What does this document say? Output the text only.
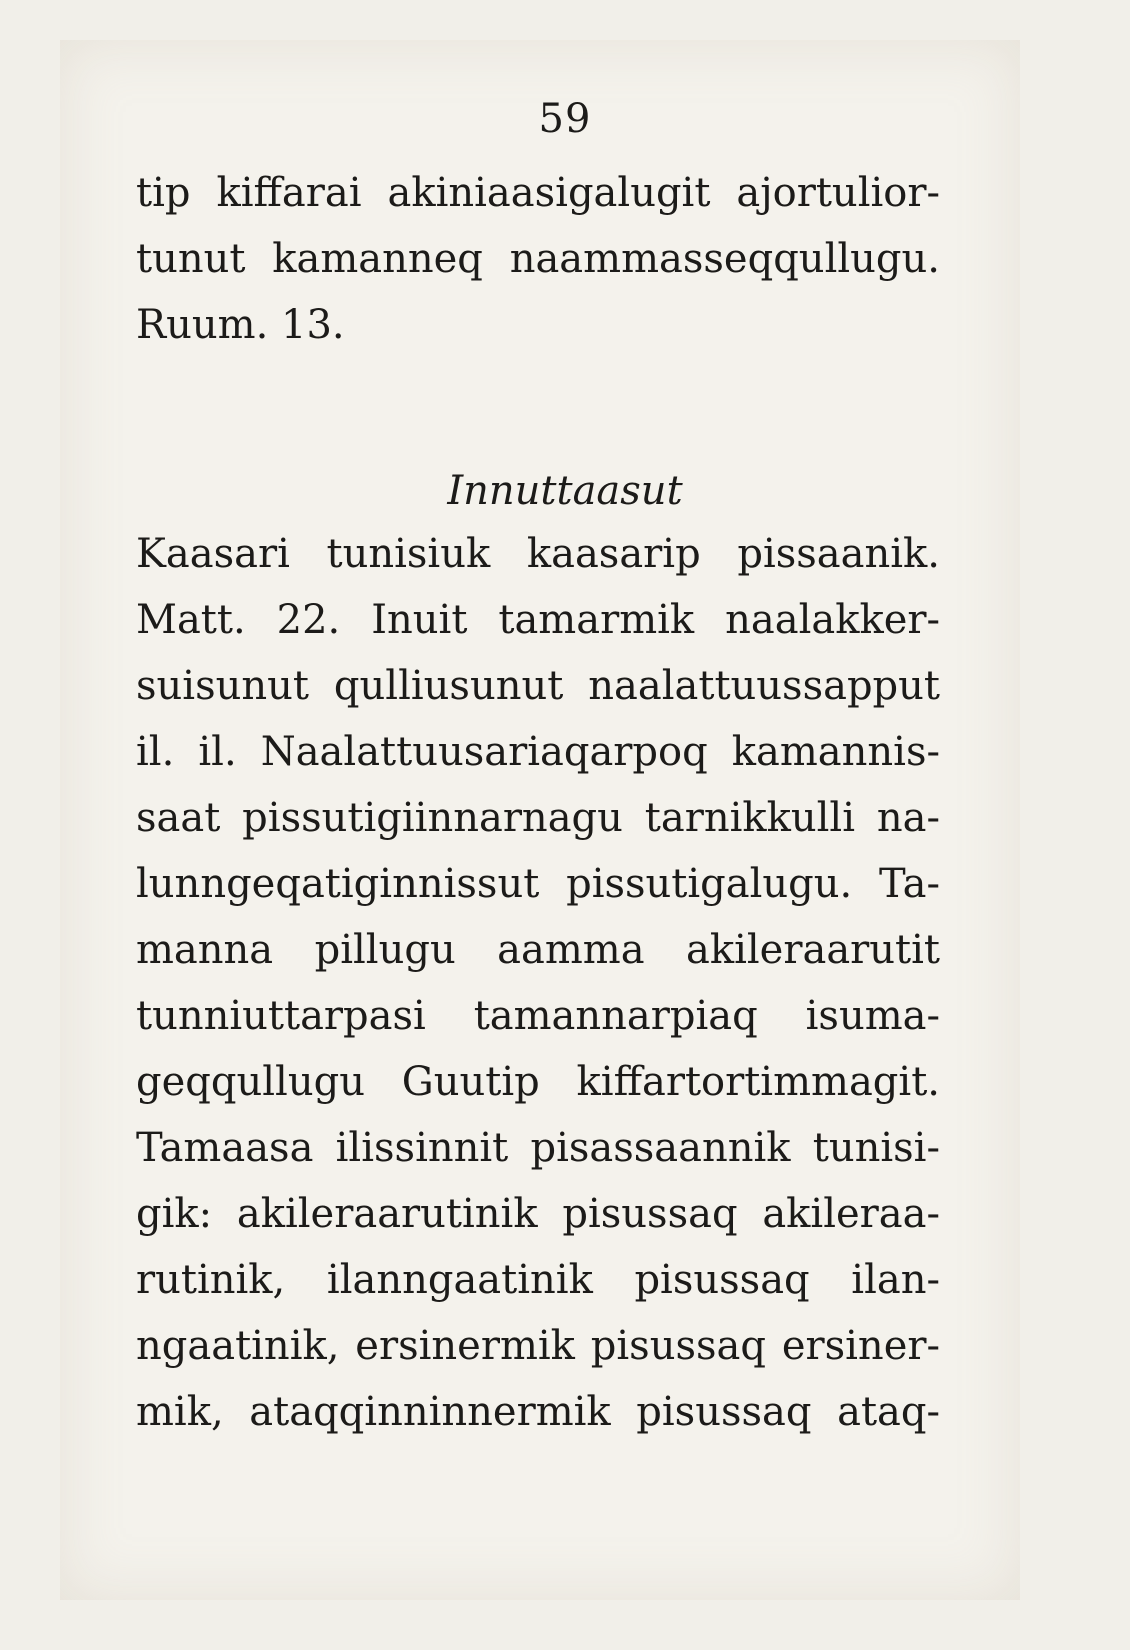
59
tip kiffarai akiniaasigalugit ajortulior-
tunut kamanneq naammasseqqullugu.
Ruum. 13.
Innuttaasut
Kaasari tunisiuk kaasarip pissaanik.
Matt. 22. Inuit tamarmik naalakker-
suisunut qulliusunut naalattuussapput
il. il. Naalattuusariaqarpoq kamannis-
saat pissutigiinnarnagu tarnikkulli na-
lunngeqatiginnissut pissutigalugu. Ta-
manna pillugu aamma akileraarutit
tunniuttarpasi tamannarpiaq isuma-
geqqullugu Guutip kiffartortimmagit.
Tamaasa ilissinnit pisassaannik tunisi-
gik: akileraarutinik pisussaq akileraa-
rutinik, ilanngaatinik pisussaq ilan-
ngaatinik, ersinermik pisussaq ersiner-
mik, ataqqinninnermik pisussaq ataq-
